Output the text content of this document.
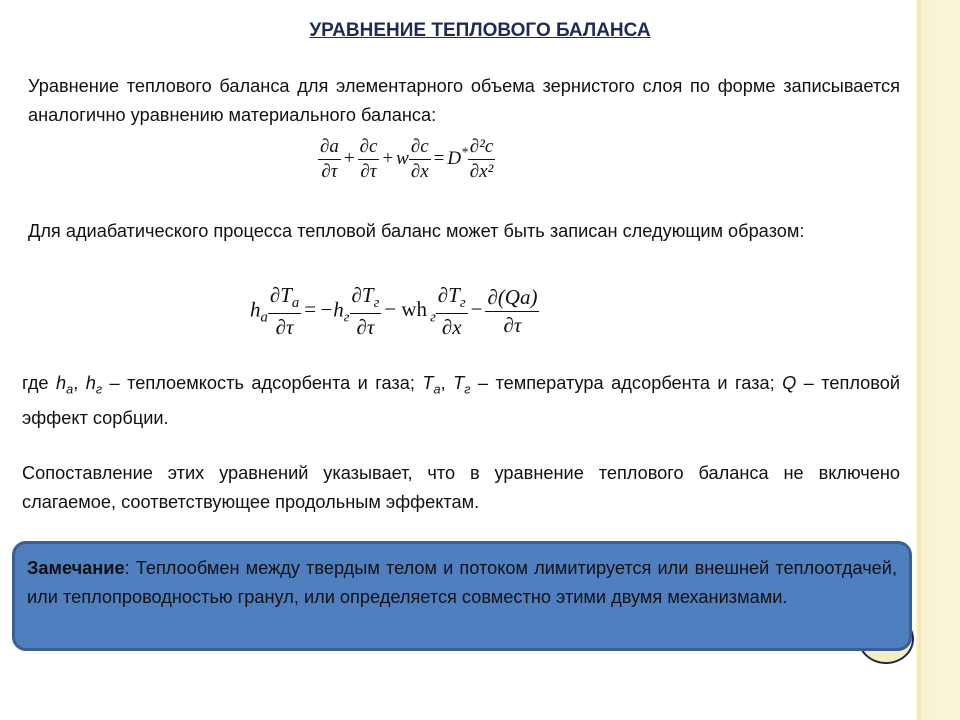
УРАВНЕНИЕ ТЕПЛОВОГО БАЛАНСА
Уравнение теплового баланса для элементарного объема зернистого слоя по форме записывается аналогично уравнению материального баланса:
$\frac{\partial a}{\partial\tau} + \frac{\partial c}{\partial\tau} + w \frac{\partial c}{\partial x} = D^* \frac{\text{∂²c}}{\text{∂x²}}$
Для адиабатического процесса тепловой баланс может быть записан следующим образом:
$h_а \frac{\partial T_а}{\partial\tau} = -h_г \frac{\partial T_г}{\partial\tau}$ − wh $_г \frac{\partial T_г}{\partial x} - \frac{\partial(Qa)}{\partial\tau}$
где $h_а$, $h_г$ – теплоемкость адсорбента и газа; $T_а$, $T_г$ – температура адсорбента и газа; Q – тепловой эффект сорбции.
Сопоставление этих уравнений указывает, что в уравнение теплового баланса не включено слагаемое, соответствующее продольным эффектам.
Замечание: Теплообмен между твердым телом и потоком лимитируется или внешней теплоотдачей, или теплопроводностью гранул, или определяется совместно этими двумя механизмами.
